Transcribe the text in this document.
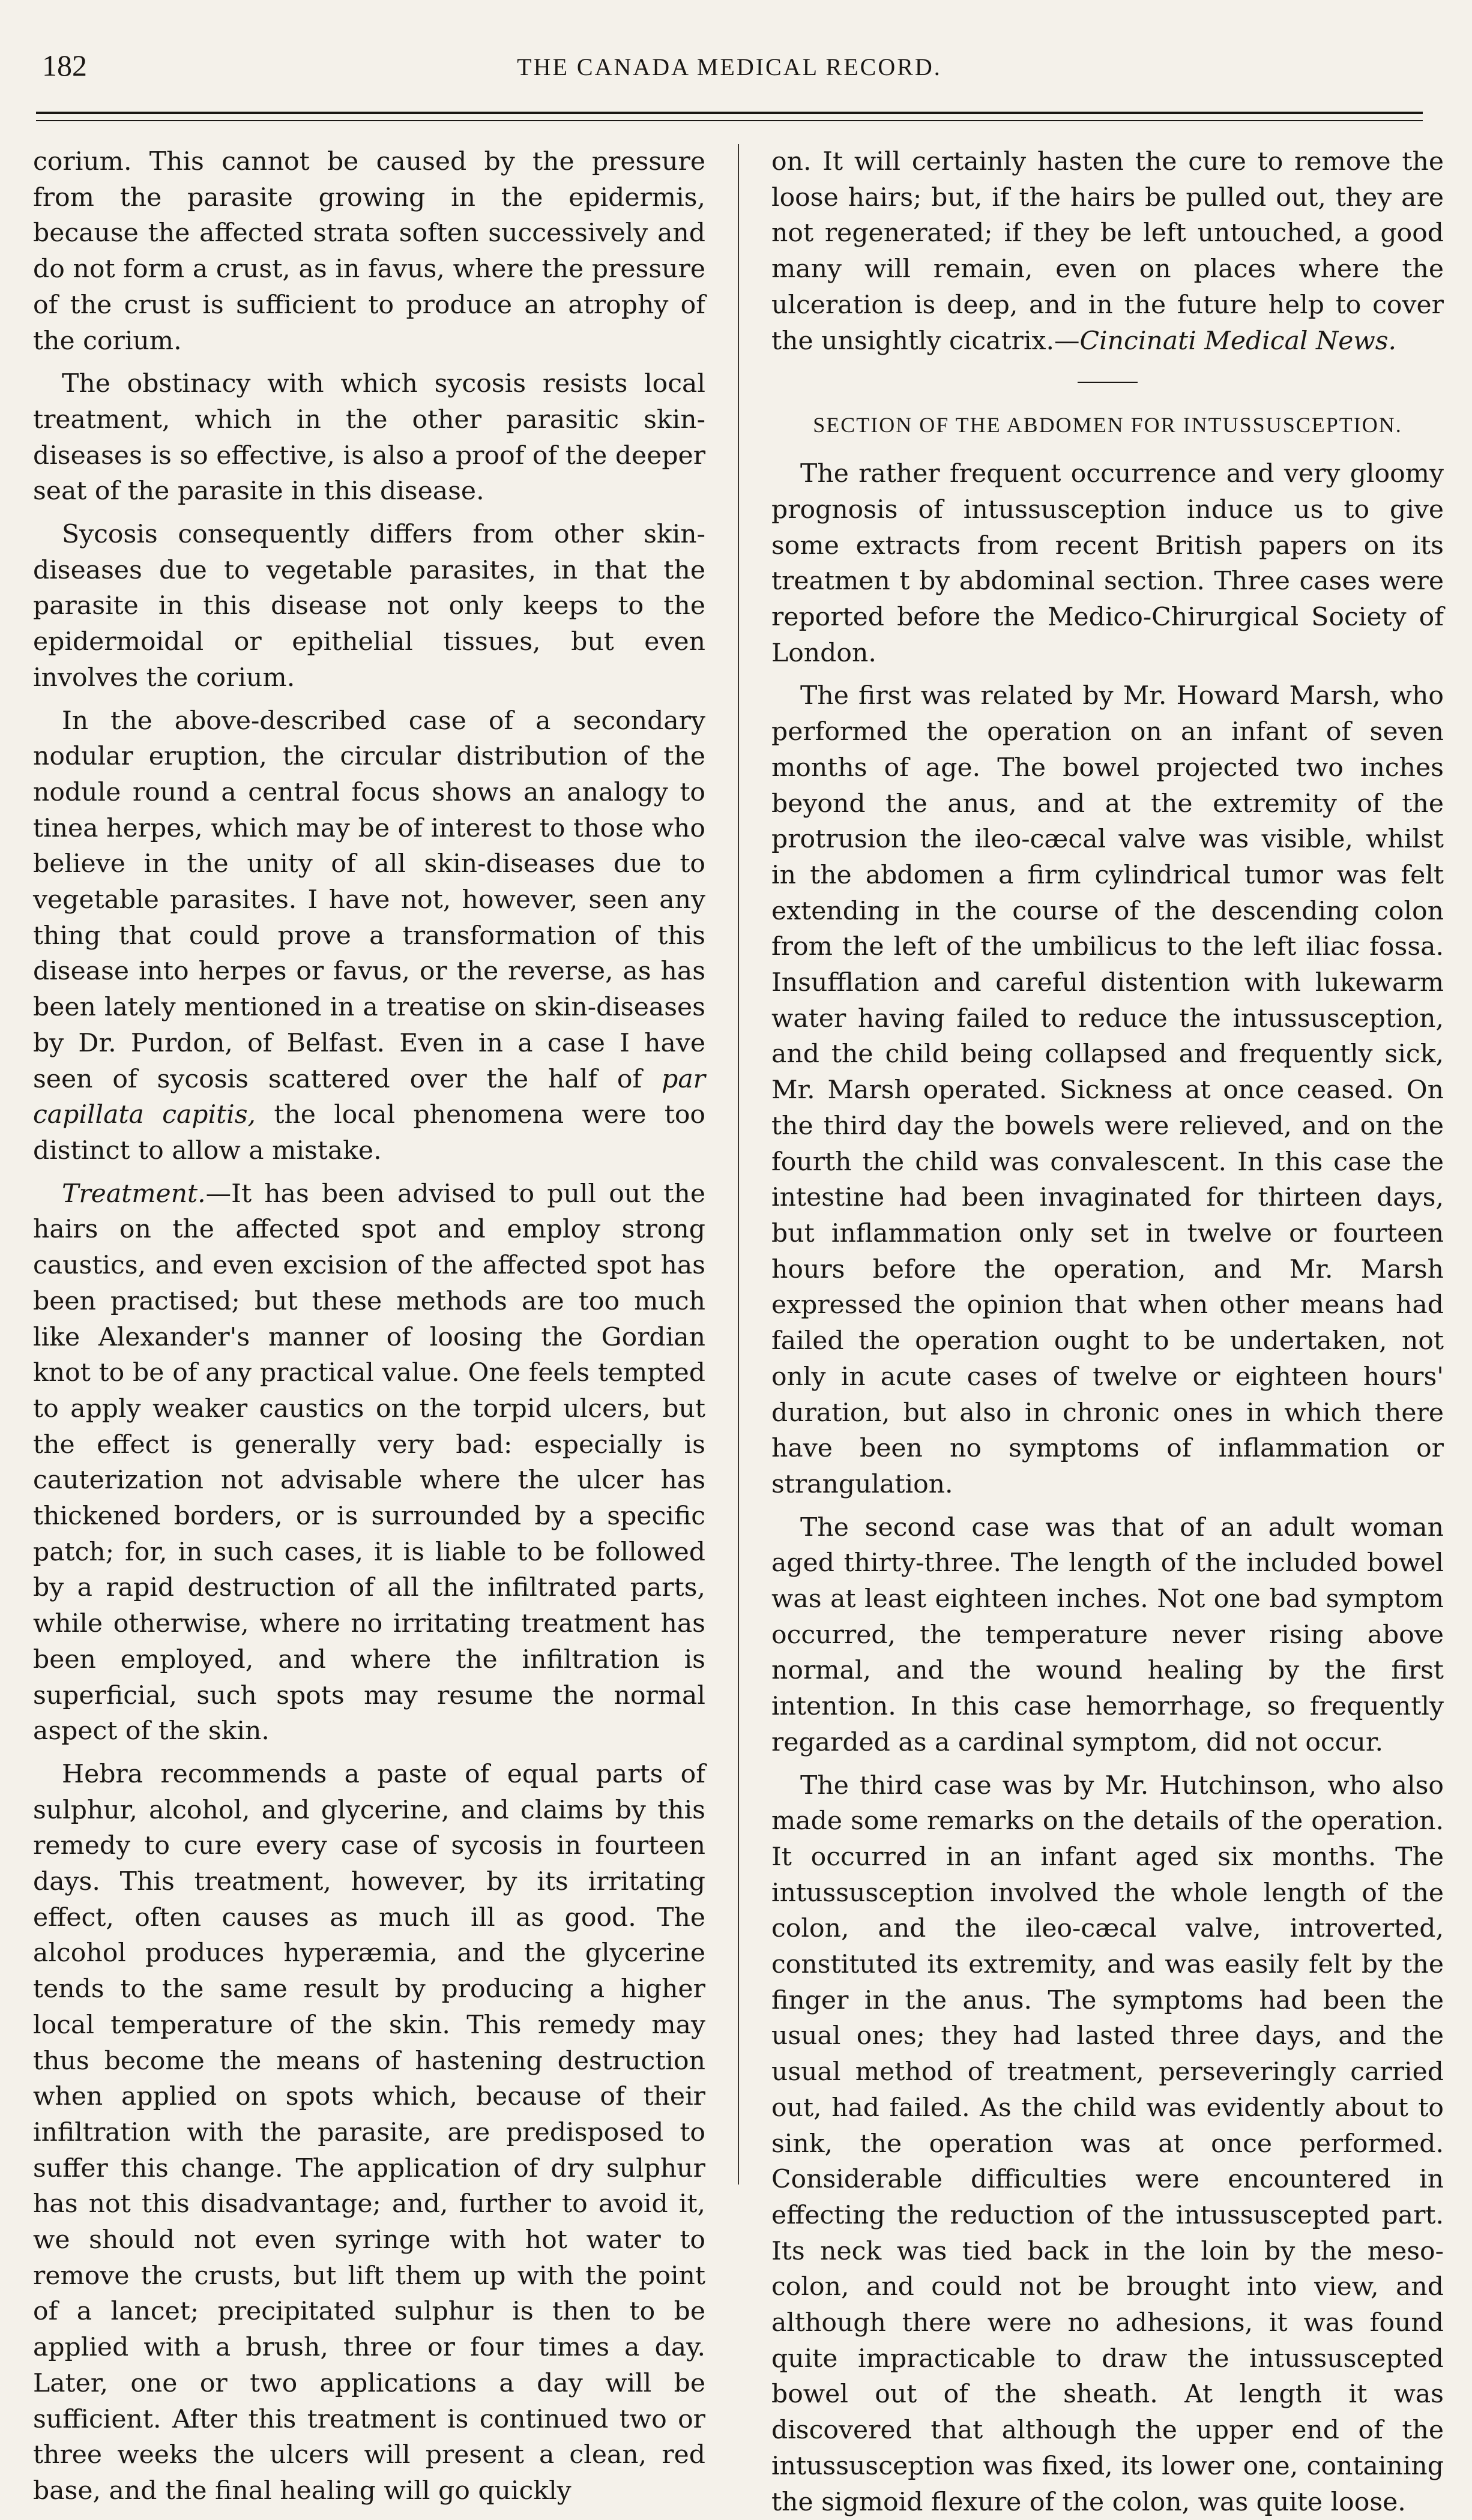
182	THE CANADA MEDICAL RECORD.

corium. This cannot be caused by the pressure from the parasite growing in the epidermis, because the affected strata soften successively and do not form a crust, as in favus, where the pressure of the crust is sufficient to produce an atrophy of the corium.

The obstinacy with which sycosis resists local treatment, which in the other parasitic skin-diseases is so effective, is also a proof of the deeper seat of the parasite in this disease.

Sycosis consequently differs from other skin-diseases due to vegetable parasites, in that the parasite in this disease not only keeps to the epidermoidal or epithelial tissues, but even involves the corium.

In the above-described case of a secondary nodular eruption, the circular distribution of the nodule round a central focus shows an analogy to tinea herpes, which may be of interest to those who believe in the unity of all skin-diseases due to vegetable parasites. I have not, however, seen any thing that could prove a transformation of this disease into herpes or favus, or the reverse, as has been lately mentioned in a treatise on skin-diseases by Dr. Purdon, of Belfast. Even in a case I have seen of sycosis scattered over the half of par capillata capitis, the local phenomena were too distinct to allow a mistake.

Treatment.—It has been advised to pull out the hairs on the affected spot and employ strong caustics, and even excision of the affected spot has been practised; but these methods are too much like Alexander's manner of loosing the Gordian knot to be of any practical value. One feels tempted to apply weaker caustics on the torpid ulcers, but the effect is generally very bad: especially is cauterization not advisable where the ulcer has thickened borders, or is surrounded by a specific patch; for, in such cases, it is liable to be followed by a rapid destruction of all the infiltrated parts, while otherwise, where no irritating treatment has been employed, and where the infiltration is superficial, such spots may resume the normal aspect of the skin.

Hebra recommends a paste of equal parts of sulphur, alcohol, and glycerine, and claims by this remedy to cure every case of sycosis in fourteen days. This treatment, however, by its irritating effect, often causes as much ill as good. The alcohol produces hyperæmia, and the glycerine tends to the same result by producing a higher local temperature of the skin. This remedy may thus become the means of hastening destruction when applied on spots which, because of their infiltration with the parasite, are predisposed to suffer this change. The application of dry sulphur has not this disadvantage; and, further to avoid it, we should not even syringe with hot water to remove the crusts, but lift them up with the point of a lancet; precipitated sulphur is then to be applied with a brush, three or four times a day. Later, one or two applications a day will be sufficient. After this treatment is continued two or three weeks the ulcers will present a clean, red base, and the final healing will go quickly

on. It will certainly hasten the cure to remove the loose hairs; but, if the hairs be pulled out, they are not regenerated; if they be left untouched, a good many will remain, even on places where the ulceration is deep, and in the future help to cover the unsightly cicatrix.—Cincinati Medical News.

SECTION OF THE ABDOMEN FOR INTUSSUSCEPTION.

The rather frequent occurrence and very gloomy prognosis of intussusception induce us to give some extracts from recent British papers on its treatmen t by abdominal section. Three cases were reported before the Medico-Chirurgical Society of London.

The first was related by Mr. Howard Marsh, who performed the operation on an infant of seven months of age. The bowel projected two inches beyond the anus, and at the extremity of the protrusion the ileo-cæcal valve was visible, whilst in the abdomen a firm cylindrical tumor was felt extending in the course of the descending colon from the left of the umbilicus to the left iliac fossa. Insufflation and careful distention with lukewarm water having failed to reduce the intussusception, and the child being collapsed and frequently sick, Mr. Marsh operated. Sickness at once ceased. On the third day the bowels were relieved, and on the fourth the child was convalescent. In this case the intestine had been invaginated for thirteen days, but inflammation only set in twelve or fourteen hours before the operation, and Mr. Marsh expressed the opinion that when other means had failed the operation ought to be undertaken, not only in acute cases of twelve or eighteen hours' duration, but also in chronic ones in which there have been no symptoms of inflammation or strangulation.

The second case was that of an adult woman aged thirty-three. The length of the included bowel was at least eighteen inches. Not one bad symptom occurred, the temperature never rising above normal, and the wound healing by the first intention. In this case hemorrhage, so frequently regarded as a cardinal symptom, did not occur.

The third case was by Mr. Hutchinson, who also made some remarks on the details of the operation. It occurred in an infant aged six months. The intussusception involved the whole length of the colon, and the ileo-cæcal valve, introverted, constituted its extremity, and was easily felt by the finger in the anus. The symptoms had been the usual ones; they had lasted three days, and the usual method of treatment, perseveringly carried out, had failed. As the child was evidently about to sink, the operation was at once performed. Considerable difficulties were encountered in effecting the reduction of the intussuscepted part. Its neck was tied back in the loin by the meso-colon, and could not be brought into view, and although there were no adhesions, it was found quite impracticable to draw the intussuscepted bowel out of the sheath. At length it was discovered that although the upper end of the intussusception was fixed, its lower one, containing the sigmoid flexure of the colon, was quite loose.
